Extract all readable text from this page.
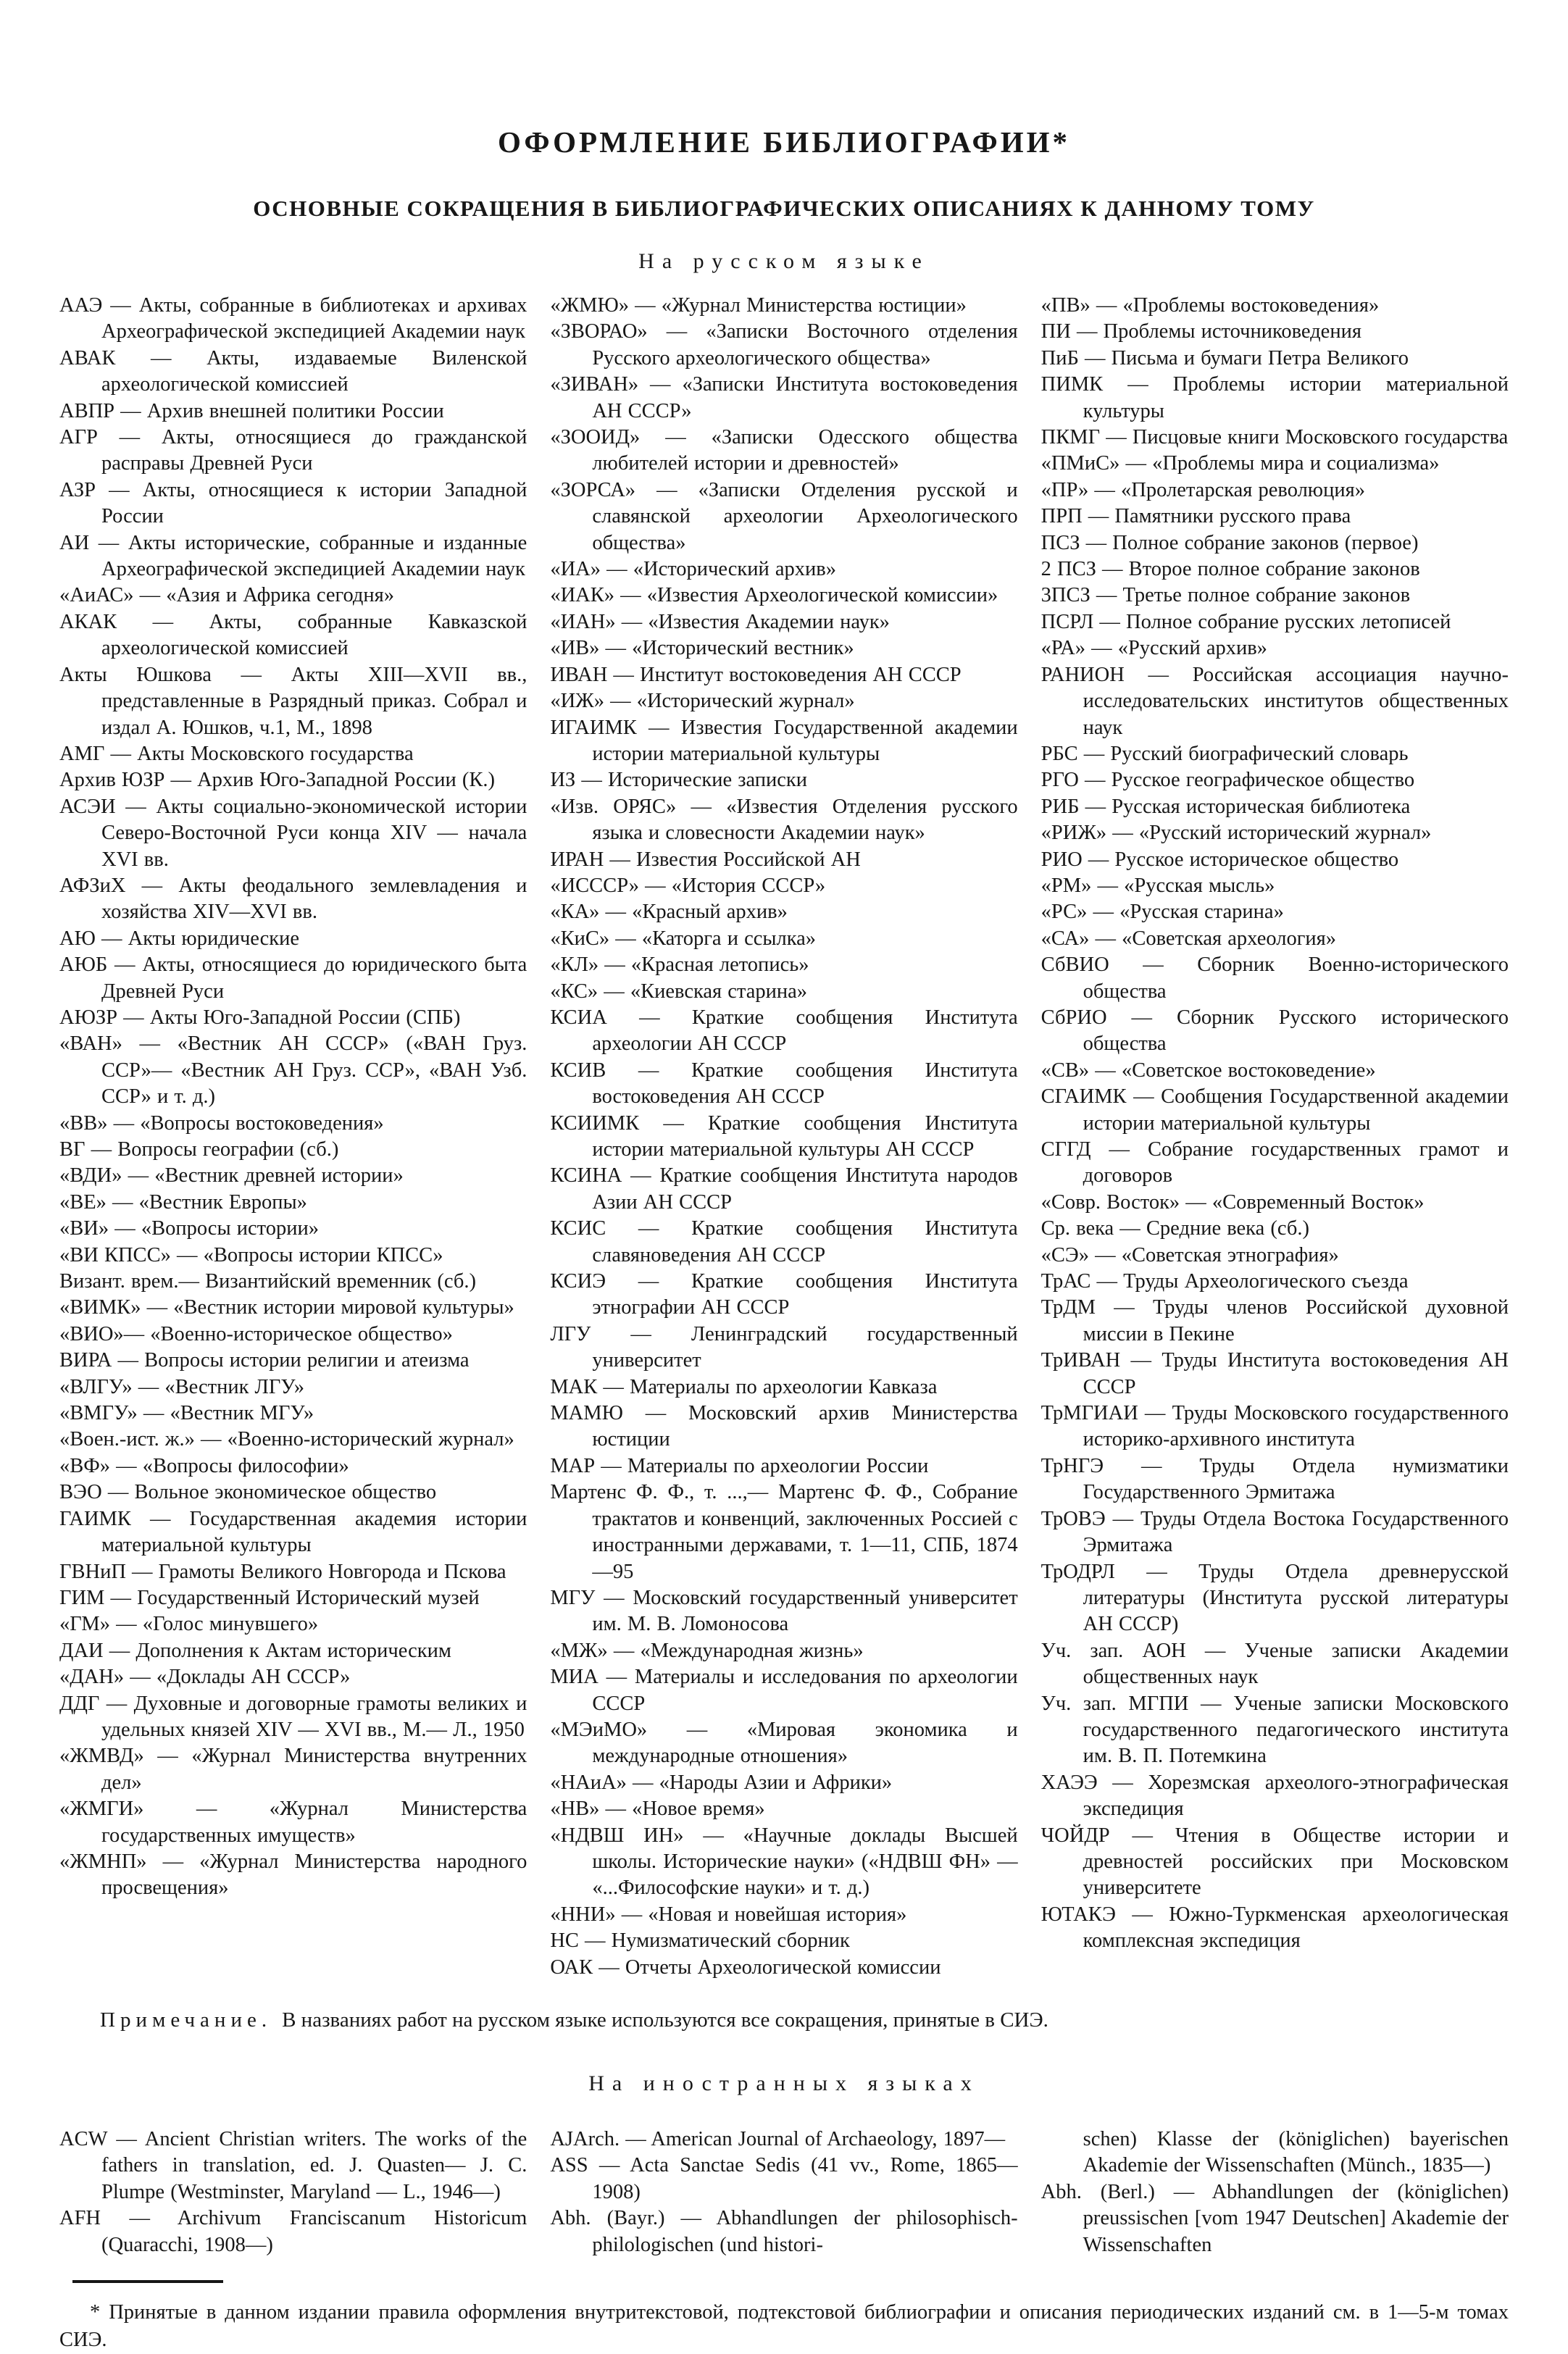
ОФОРМЛЕНИЕ БИБЛИОГРАФИИ*
ОСНОВНЫЕ СОКРАЩЕНИЯ В БИБЛИОГРАФИЧЕСКИХ ОПИСАНИЯХ К ДАННОМУ ТОМУ
На русском языке
ААЭ — Акты, собранные в библиотеках и архивах Археографической экспедицией Академии наук
АВАК — Акты, издаваемые Виленской археологической комиссией
АВПР — Архив внешней политики России
АГР — Акты, относящиеся до гражданской расправы Древней Руси
АЗР — Акты, относящиеся к истории Западной России
АИ — Акты исторические, собранные и изданные Археографической экспедицией Академии наук
«АиАС» — «Азия и Африка сегодня»
АКАК — Акты, собранные Кавказской археологической комиссией
Акты Юшкова — Акты XIII—XVII вв., представленные в Разрядный приказ. Собрал и издал А. Юшков, ч.1, М., 1898
АМГ — Акты Московского государства
Архив ЮЗР — Архив Юго-Западной России (К.)
АСЭИ — Акты социально-экономической истории Северо-Восточной Руси конца XIV — начала XVI вв.
АФЗиХ — Акты феодального землевладения и хозяйства XIV—XVI вв.
АЮ — Акты юридические
АЮБ — Акты, относящиеся до юридического быта Древней Руси
АЮЗР — Акты Юго-Западной России (СПБ)
«ВАН» — «Вестник АН СССР» («ВАН Груз. ССР»— «Вестник АН Груз. ССР», «ВАН Узб. ССР» и т. д.)
«ВВ» — «Вопросы востоковедения»
ВГ — Вопросы географии (сб.)
«ВДИ» — «Вестник древней истории»
«ВЕ» — «Вестник Европы»
«ВИ» — «Вопросы истории»
«ВИ КПСС» — «Вопросы истории КПСС»
Визант. врем.— Византийский временник (сб.)
«ВИМК» — «Вестник истории мировой культуры»
«ВИО»— «Военно-историческое общество»
ВИРА — Вопросы истории религии и атеизма
«ВЛГУ» — «Вестник ЛГУ»
«ВМГУ» — «Вестник МГУ»
«Воен.-ист. ж.» — «Военно-исторический журнал»
«ВФ» — «Вопросы философии»
ВЭО — Вольное экономическое общество
ГАИМК — Государственная академия истории материальной культуры
ГВНиП — Грамоты Великого Новгорода и Пскова
ГИМ — Государственный Исторический музей
«ГМ» — «Голос минувшего»
ДАИ — Дополнения к Актам историческим
«ДАН» — «Доклады АН СССР»
ДДГ — Духовные и договорные грамоты великих и удельных князей XIV — XVI вв., М.— Л., 1950
«ЖМВД» — «Журнал Министерства внутренних дел»
«ЖМГИ» — «Журнал Министерства государственных имуществ»
«ЖМНП» — «Журнал Министерства народного просвещения»
«ЖМЮ» — «Журнал Министерства юстиции»
«ЗВОРАО» — «Записки Восточного отделения Русского археологического общества»
«ЗИВАН» — «Записки Института востоковедения АН СССР»
«ЗООИД» — «Записки Одесского общества любителей истории и древностей»
«ЗОРСА» — «Записки Отделения русской и славянской археологии Археологического общества»
«ИА» — «Исторический архив»
«ИАК» — «Известия Археологической комиссии»
«ИАН» — «Известия Академии наук»
«ИВ» — «Исторический вестник»
ИВАН — Институт востоковедения АН СССР
«ИЖ» — «Исторический журнал»
ИГАИМК — Известия Государственной академии истории материальной культуры
ИЗ — Исторические записки
«Изв. ОРЯС» — «Известия Отделения русского языка и словесности Академии наук»
ИРАН — Известия Российской АН
«ИСССР» — «История СССР»
«КА» — «Красный архив»
«КиС» — «Каторга и ссылка»
«КЛ» — «Красная летопись»
«КС» — «Киевская старина»
КСИА — Краткие сообщения Института археологии АН СССР
КСИВ — Краткие сообщения Института востоковедения АН СССР
КСИИМК — Краткие сообщения Института истории материальной культуры АН СССР
КСИНА — Краткие сообщения Института народов Азии АН СССР
КСИС — Краткие сообщения Института славяноведения АН СССР
КСИЭ — Краткие сообщения Института этнографии АН СССР
ЛГУ — Ленинградский государственный университет
МАК — Материалы по археологии Кавказа
МАМЮ — Московский архив Министерства юстиции
МАР — Материалы по археологии России
Мартенс Ф. Ф., т. ...,— Мартенс Ф. Ф., Собрание трактатов и конвенций, заключенных Россией с иностранными державами, т. 1—11, СПБ, 1874—95
МГУ — Московский государственный университет им. М. В. Ломоносова
«МЖ» — «Международная жизнь»
МИА — Материалы и исследования по археологии СССР
«МЭиМО» — «Мировая экономика и международные отношения»
«НАиА» — «Народы Азии и Африки»
«НВ» — «Новое время»
«НДВШ ИН» — «Научные доклады Высшей школы. Исторические науки» («НДВШ ФН» — «...Философские науки» и т. д.)
«ННИ» — «Новая и новейшая история»
НС — Нумизматический сборник
ОАК — Отчеты Археологической комиссии
«ПВ» — «Проблемы востоковедения»
ПИ — Проблемы источниковедения
ПиБ — Письма и бумаги Петра Великого
ПИМК — Проблемы истории материальной культуры
ПКМГ — Писцовые книги Московского государства
«ПМиС» — «Проблемы мира и социализма»
«ПР» — «Пролетарская революция»
ПРП — Памятники русского права
ПСЗ — Полное собрание законов (первое)
2 ПСЗ — Второе полное собрание законов
3ПСЗ — Третье полное собрание законов
ПСРЛ — Полное собрание русских летописей
«РА» — «Русский архив»
РАНИОН — Российская ассоциация научно-исследовательских институтов общественных наук
РБС — Русский биографический словарь
РГО — Русское географическое общество
РИБ — Русская историческая библиотека
«РИЖ» — «Русский исторический журнал»
РИО — Русское историческое общество
«РМ» — «Русская мысль»
«РС» — «Русская старина»
«СА» — «Советская археология»
СбВИО — Сборник Военно-исторического общества
СбРИО — Сборник Русского исторического общества
«СВ» — «Советское востоковедение»
СГАИМК — Сообщения Государственной академии истории материальной культуры
СГГД — Собрание государственных грамот и договоров
«Совр. Восток» — «Современный Восток»
Ср. века — Средние века (сб.)
«СЭ» — «Советская этнография»
ТрАС — Труды Археологического съезда
ТрДМ — Труды членов Российской духовной миссии в Пекине
ТрИВАН — Труды Института востоковедения АН СССР
ТрМГИАИ — Труды Московского государственного историко-архивного института
ТрНГЭ — Труды Отдела нумизматики Государственного Эрмитажа
ТрОВЭ — Труды Отдела Востока Государственного Эрмитажа
ТрОДРЛ — Труды Отдела древнерусской литературы (Института русской литературы АН СССР)
Уч. зап. АОН — Ученые записки Академии общественных наук
Уч. зап. МГПИ — Ученые записки Московского государственного педагогического института им. В. П. Потемкина
ХАЭЭ — Хорезмская археолого-этнографическая экспедиция
ЧОЙДР — Чтения в Обществе истории и древностей российских при Московском университете
ЮТАКЭ — Южно-Туркменская археологическая комплексная экспедиция
Примечание. В названиях работ на русском языке используются все сокращения, принятые в СИЭ.
На иностранных языках
ACW — Ancient Christian writers. The works of the fathers in translation, ed. J. Quasten— J. C. Plumpe (Westminster, Maryland — L., 1946—)
AFH — Archivum Franciscanum Historicum (Quaracchi, 1908—)
AJArch. — American Journal of Archaeology, 1897—
ASS — Acta Sanctae Sedis (41 vv., Rome, 1865—1908)
Abh. (Bayr.) — Abhandlungen der philosophisch-philologischen (und histori-
schen) Klasse der (königlichen) bayerischen Akademie der Wissenschaften (Münch., 1835—)
Abh. (Berl.) — Abhandlungen der (königlichen) preussischen [vom 1947 Deutschen] Akademie der Wissenschaften
* Принятые в данном издании правила оформления внутритекстовой, подтекстовой библиографии и описания периодических изданий см. в 1—5-м томах СИЭ.
